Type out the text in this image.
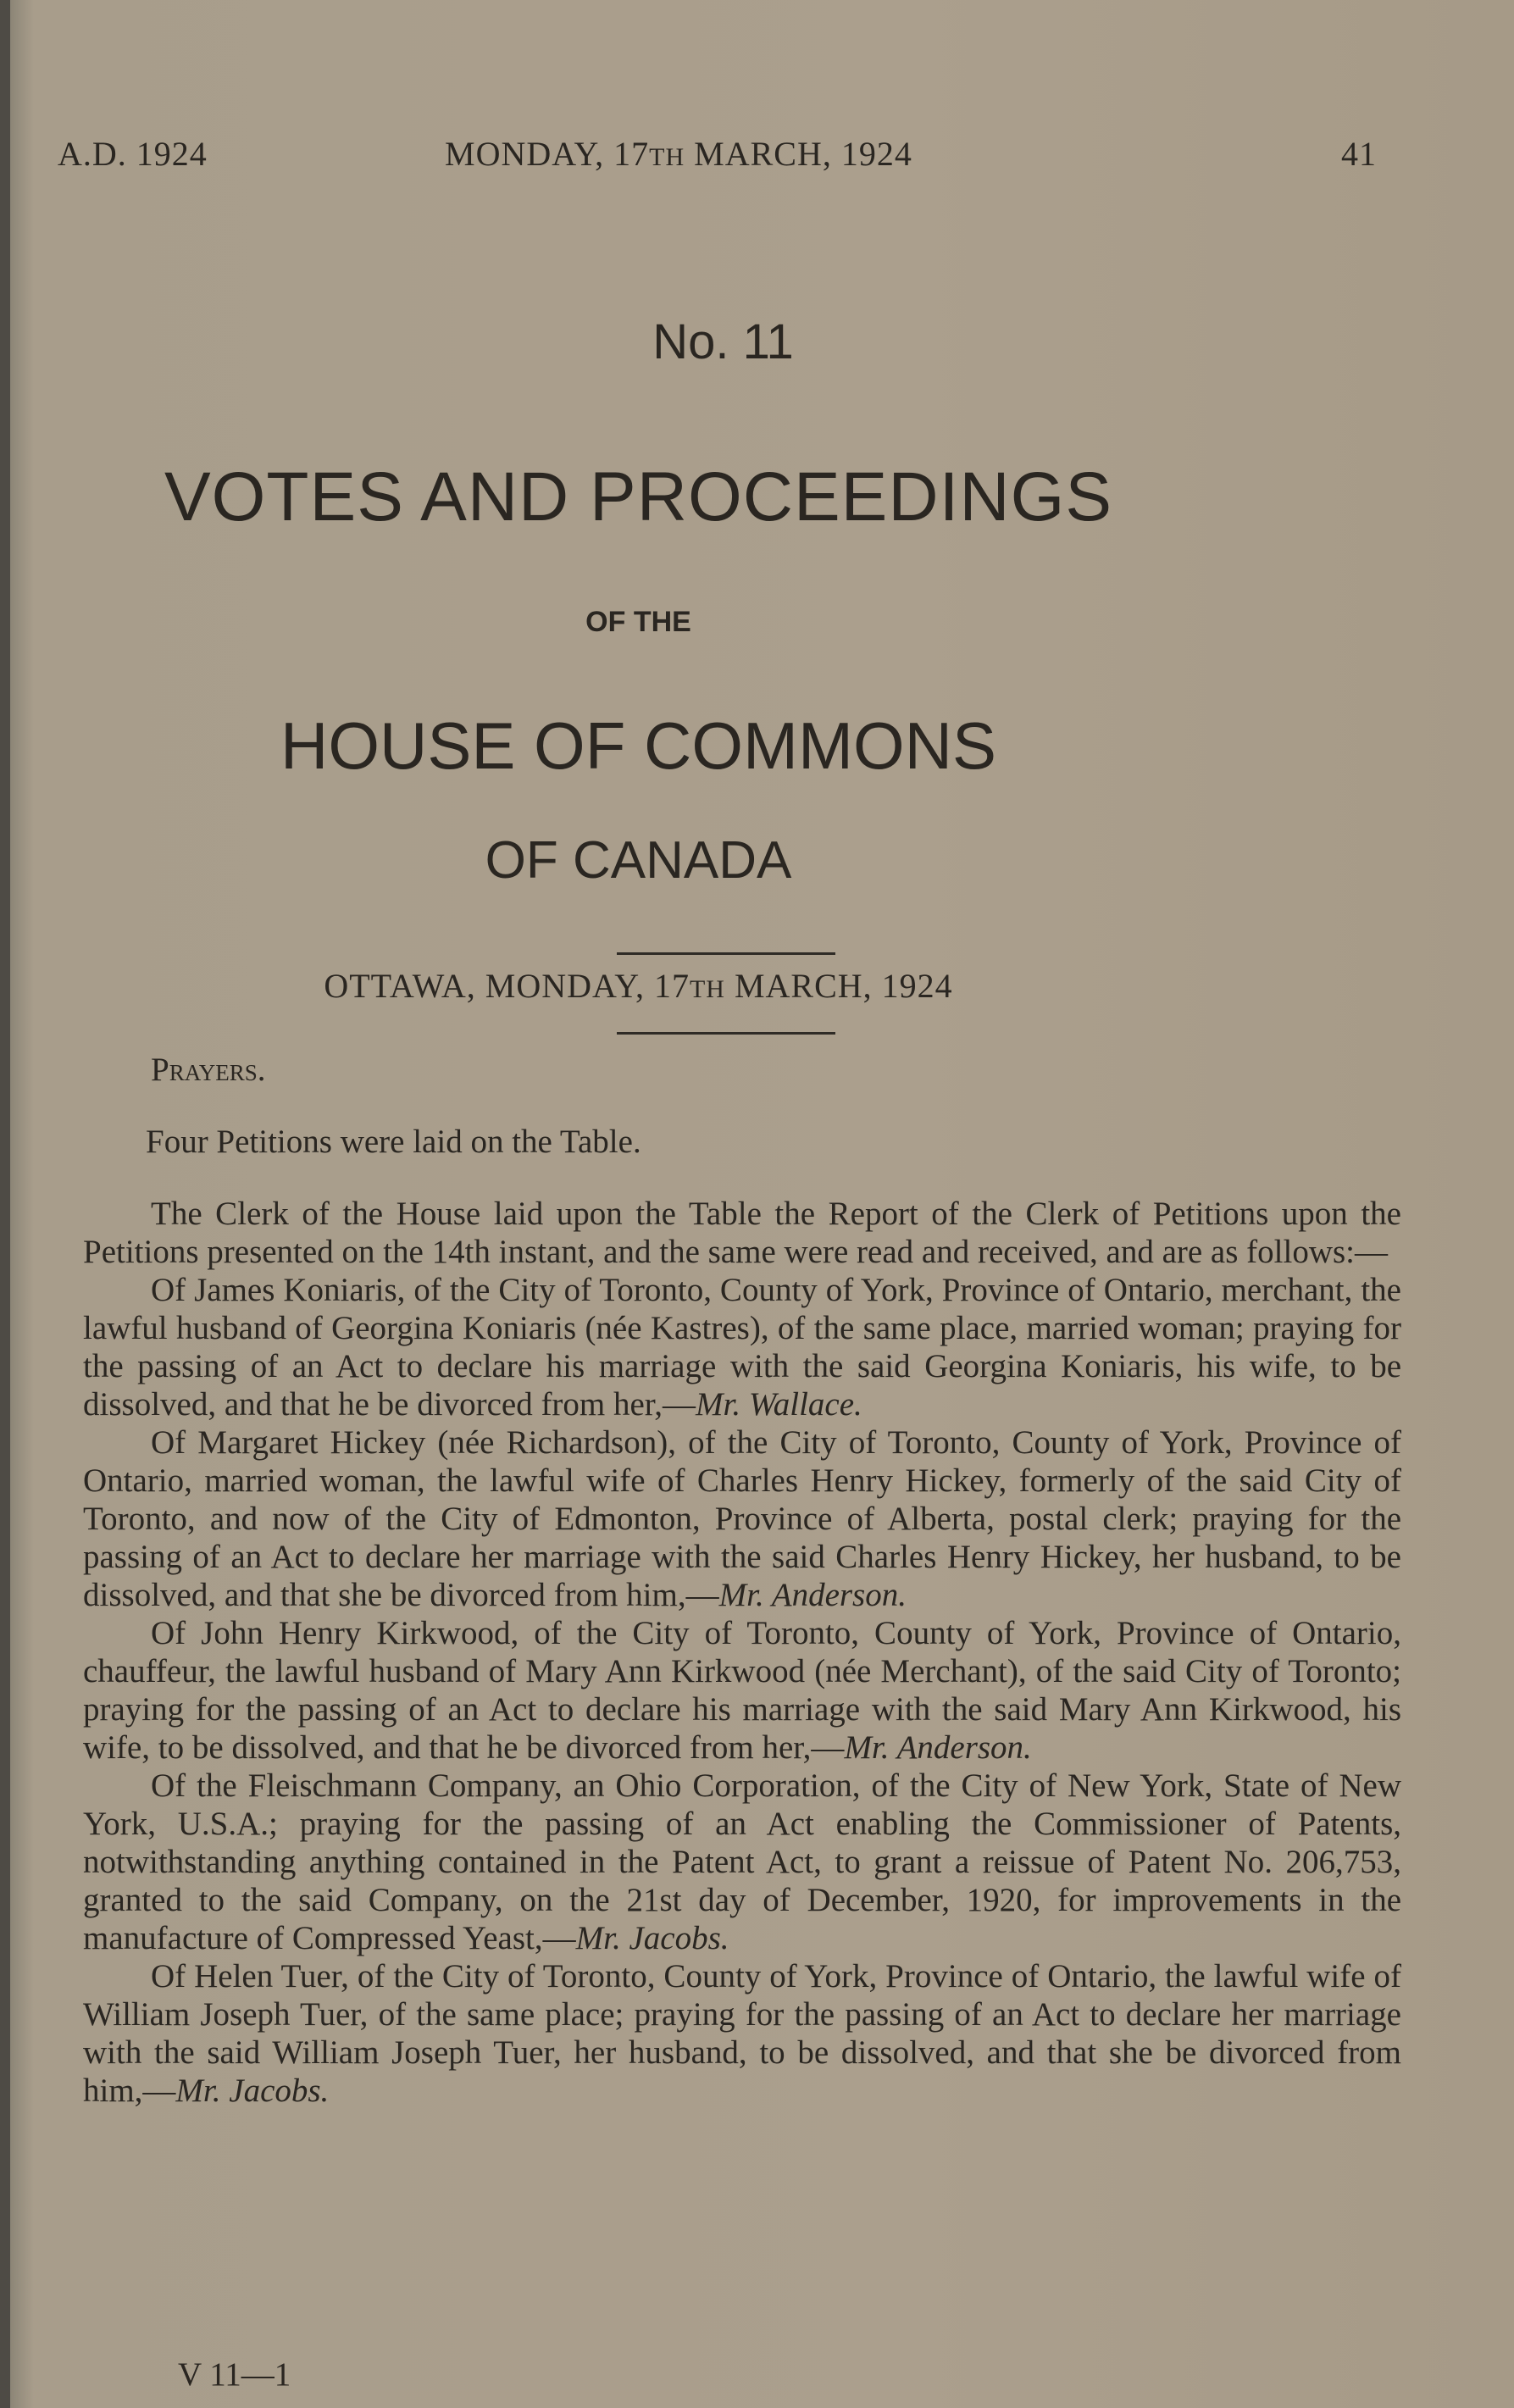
A.D. 1924	MONDAY, 17TH MARCH, 1924	41
No. 11
VOTES AND PROCEEDINGS
OF THE
HOUSE OF COMMONS
OF CANADA
OTTAWA, MONDAY, 17TH MARCH, 1924

Prayers.

Four Petitions were laid on the Table.

The Clerk of the House laid upon the Table the Report of the Clerk of Petitions upon the Petitions presented on the 14th instant, and the same were read and received, and are as follows:—

Of James Koniaris, of the City of Toronto, County of York, Province of Ontario, merchant, the lawful husband of Georgina Koniaris (née Kastres), of the same place, married woman; praying for the passing of an Act to declare his marriage with the said Georgina Koniaris, his wife, to be dissolved, and that he be divorced from her,—Mr. Wallace.

Of Margaret Hickey (née Richardson), of the City of Toronto, County of York, Province of Ontario, married woman, the lawful wife of Charles Henry Hickey, formerly of the said City of Toronto, and now of the City of Edmonton, Province of Alberta, postal clerk; praying for the passing of an Act to declare her marriage with the said Charles Henry Hickey, her husband, to be dissolved, and that she be divorced from him,—Mr. Anderson.

Of John Henry Kirkwood, of the City of Toronto, County of York, Province of Ontario, chauffeur, the lawful husband of Mary Ann Kirkwood (née Merchant), of the said City of Toronto; praying for the passing of an Act to declare his marriage with the said Mary Ann Kirkwood, his wife, to be dissolved, and that he be divorced from her,—Mr. Anderson.

Of the Fleischmann Company, an Ohio Corporation, of the City of New York, State of New York, U.S.A.; praying for the passing of an Act enabling the Commissioner of Patents, notwithstanding anything contained in the Patent Act, to grant a reissue of Patent No. 206,753, granted to the said Company, on the 21st day of December, 1920, for improvements in the manufacture of Compressed Yeast,—Mr. Jacobs.

Of Helen Tuer, of the City of Toronto, County of York, Province of Ontario, the lawful wife of William Joseph Tuer, of the same place; praying for the passing of an Act to declare her marriage with the said William Joseph Tuer, her husband, to be dissolved, and that she be divorced from him,—Mr. Jacobs.

V 11—1
